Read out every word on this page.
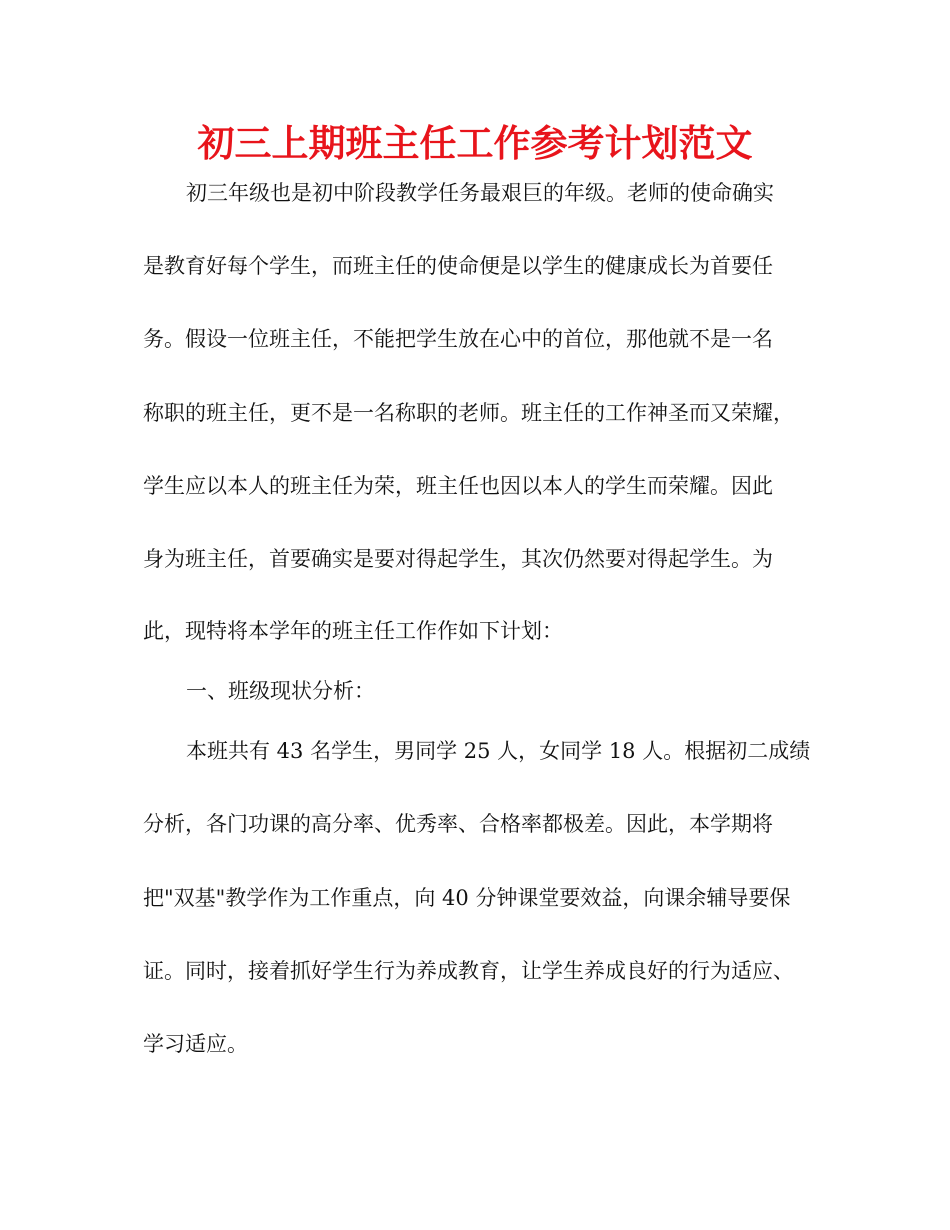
初三上期班主任工作参考计划范文
初三年级也是初中阶段教学任务最艰巨的年级。老师的使命确实
是教育好每个学生，而班主任的使命便是以学生的健康成长为首要任
务。假设一位班主任，不能把学生放在心中的首位，那他就不是一名
称职的班主任，更不是一名称职的老师。班主任的工作神圣而又荣耀，
学生应以本人的班主任为荣，班主任也因以本人的学生而荣耀。因此
身为班主任，首要确实是要对得起学生，其次仍然要对得起学生。为
此，现特将本学年的班主任工作作如下计划：
一、班级现状分析：
本班共有 43 名学生，男同学 25 人，女同学 18 人。根据初二成绩
分析，各门功课的高分率、优秀率、合格率都极差。因此，本学期将
把"双基"教学作为工作重点，向 40 分钟课堂要效益，向课余辅导要保
证。同时，接着抓好学生行为养成教育，让学生养成良好的行为适应、
学习适应。
